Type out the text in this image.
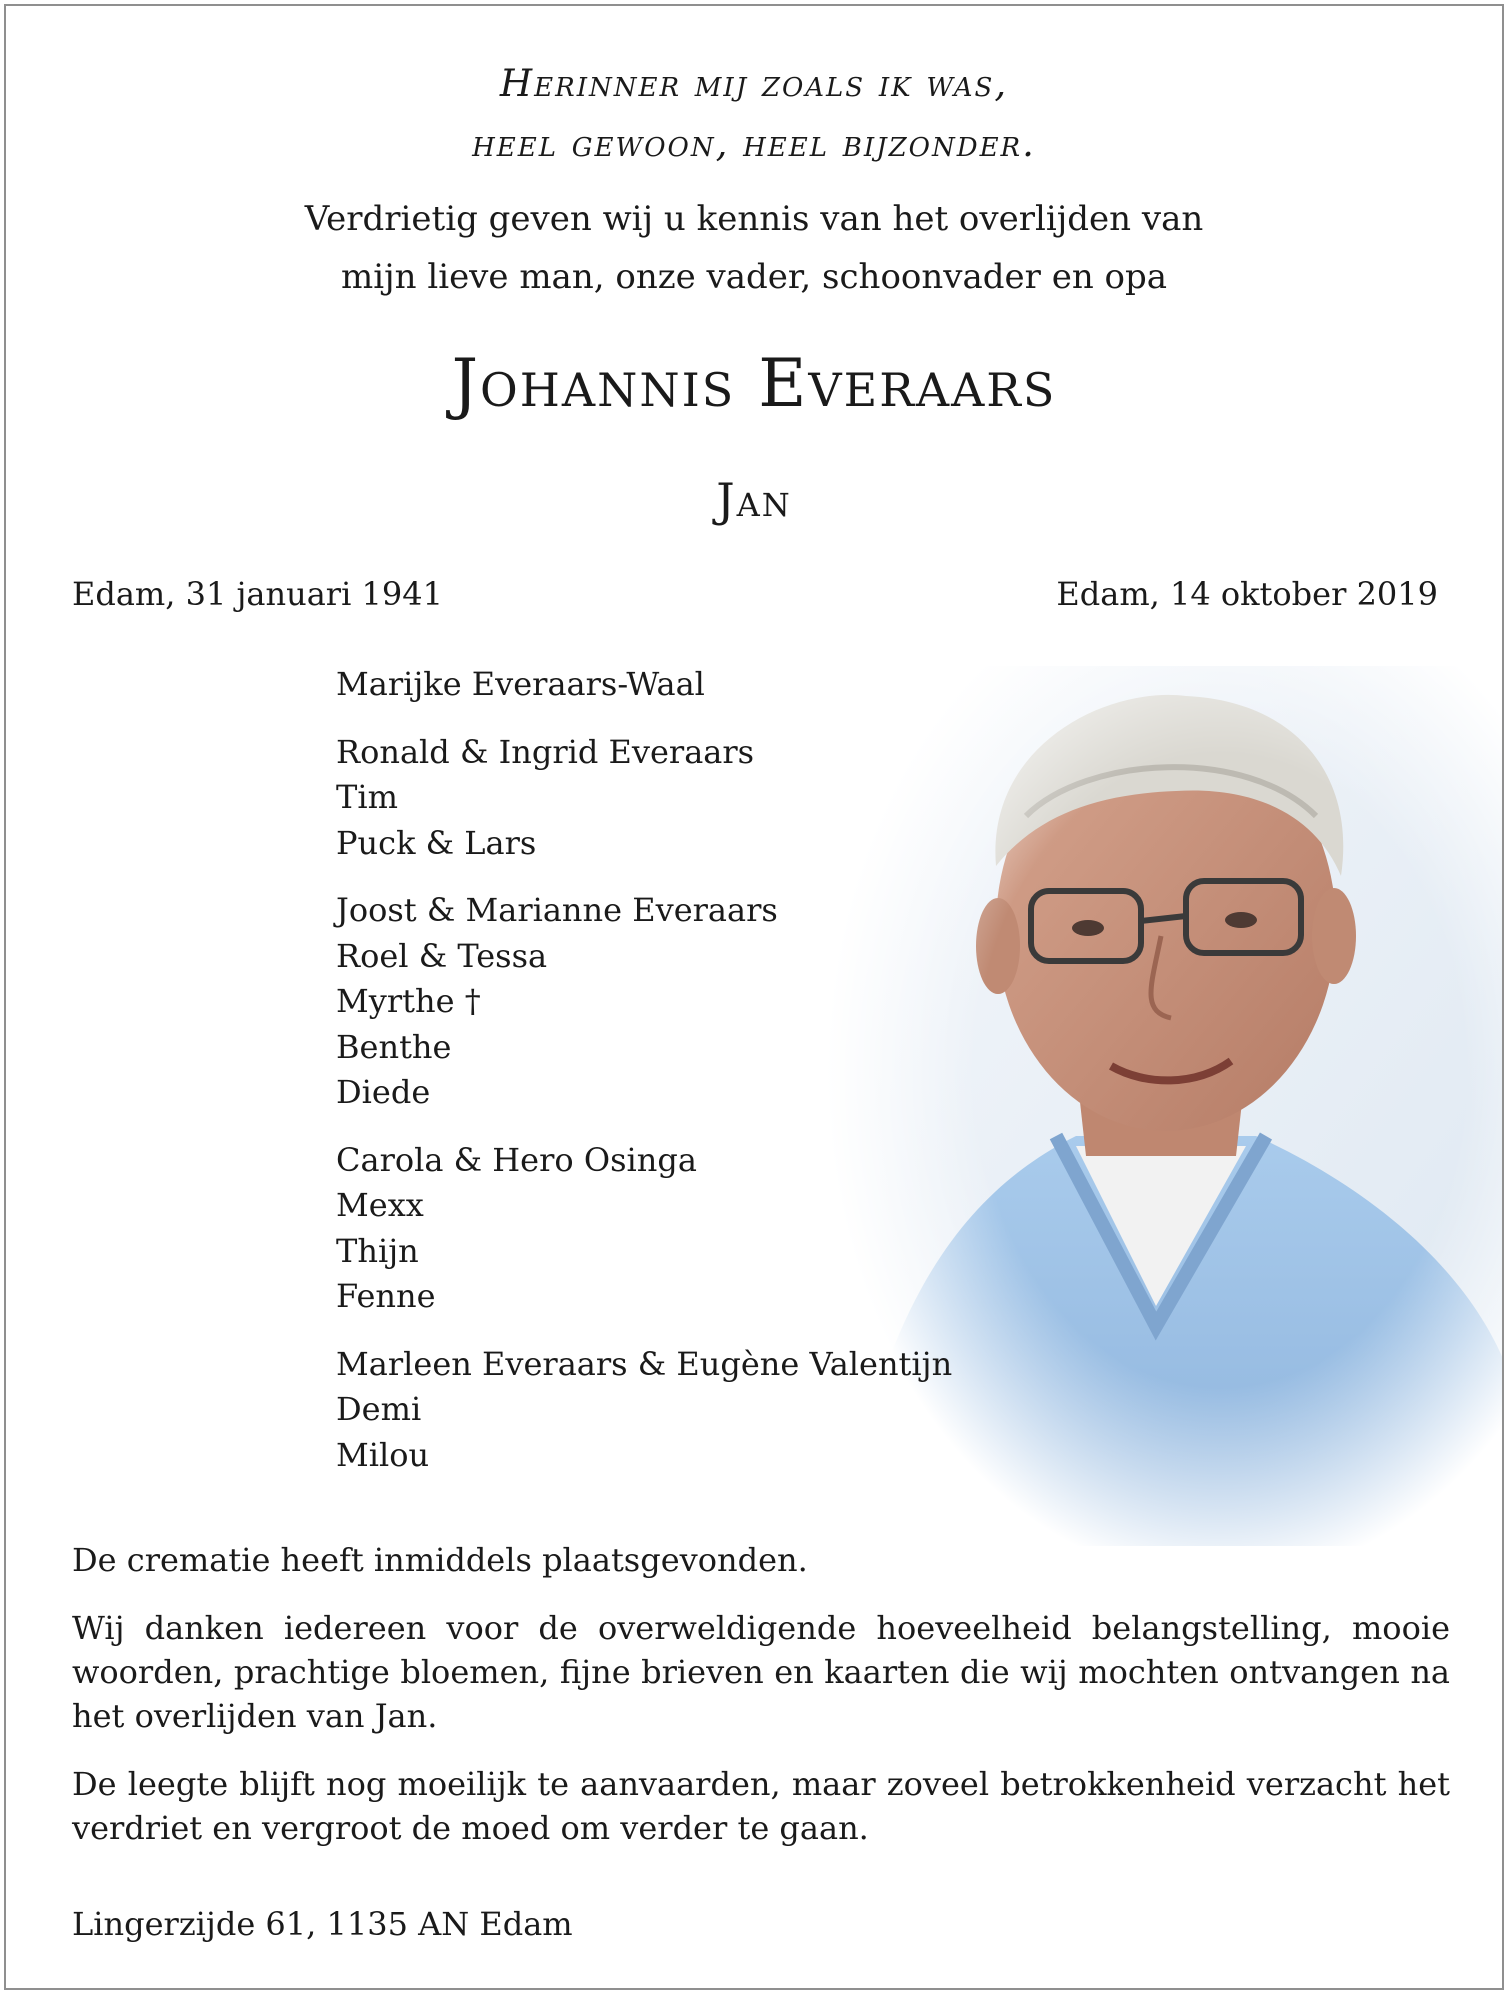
Herinner mij zoals ik was,
heel gewoon, heel bijzonder.
Verdrietig geven wij u kennis van het overlijden van
mijn lieve man, onze vader, schoonvader en opa
Johannis Everaars
Jan
Edam, 31 januari 1941	Edam, 14 oktober 2019
Marijke Everaars-Waal
Ronald & Ingrid Everaars
Tim
Puck & Lars
Joost & Marianne Everaars
Roel & Tessa
Myrthe †
Benthe
Diede
Carola & Hero Osinga
Mexx
Thijn
Fenne
Marleen Everaars & Eugène Valentijn
Demi
Milou

De crematie heeft inmiddels plaatsgevonden.

Wij danken iedereen voor de overweldigende hoeveelheid belangstelling, mooie woorden, prachtige bloemen, fijne brieven en kaarten die wij mochten ontvangen na het overlijden van Jan.

De leegte blijft nog moeilijk te aanvaarden, maar zoveel betrokkenheid verzacht het verdriet en vergroot de moed om verder te gaan.

Lingerzijde 61, 1135 AN Edam
